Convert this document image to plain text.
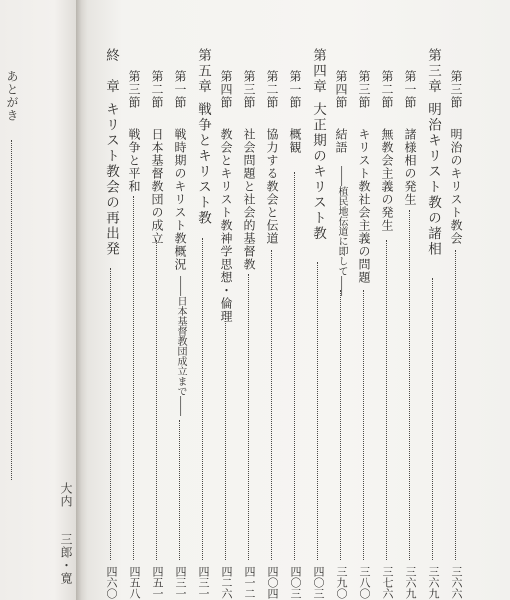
あとがき
大内
三郎・寛
第三節
明治のキリスト教会
三六六
第三章
明治キリスト教の諸相
三六九
第一節
諸様相の発生
三六九
第二節
無教会主義の発生
三七六
第三節
キリスト教社会主義の問題
三八〇
第四節
結語
――植民地伝道に即して――
三九〇
第四章
大正期のキリスト教
四〇三
第一節
概観
四〇三
第二節
協力する教会と伝道
四〇四
第三節
社会問題と社会的基督教
四一二
第四節
教会とキリスト教神学思想・倫理
四二六
第五章
戦争とキリスト教
四三一
第一節
戦時期のキリスト教概況
――日本基督教団成立まで――
四三一
第二節
日本基督教団の成立
四五一
第三節
戦争と平和
四五八
終　章
キリスト教会の再出発
四六〇
